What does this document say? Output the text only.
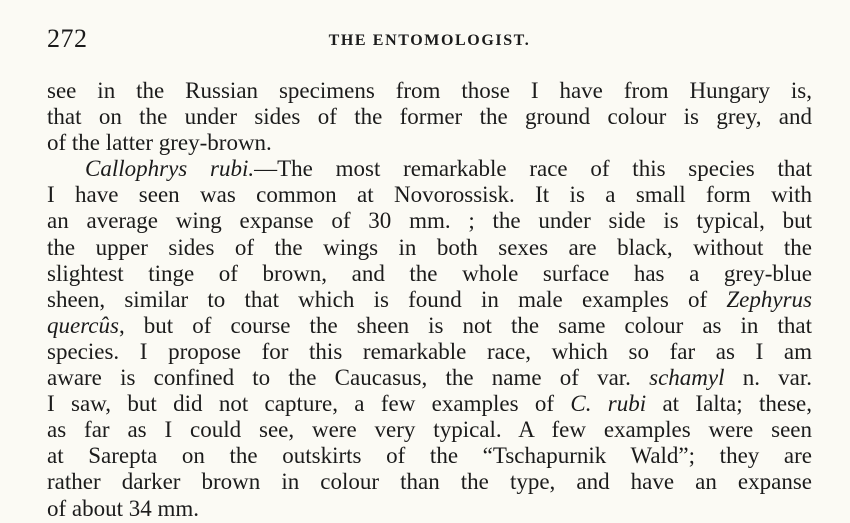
272	THE ENTOMOLOGIST.
see in the Russian specimens from those I have from Hungary is,
that on the under sides of the former the ground colour is grey, and
of the latter grey-brown.
Callophrys rubi.—The most remarkable race of this species that
I have seen was common at Novorossisk. It is a small form with
an average wing expanse of 30 mm. ; the under side is typical, but
the upper sides of the wings in both sexes are black, without the
slightest tinge of brown, and the whole surface has a grey-blue
sheen, similar to that which is found in male examples of Zephyrus
quercûs, but of course the sheen is not the same colour as in that
species. I propose for this remarkable race, which so far as I am
aware is confined to the Caucasus, the name of var. schamyl n. var.
I saw, but did not capture, a few examples of C. rubi at Ialta; these,
as far as I could see, were very typical. A few examples were seen
at Sarepta on the outskirts of the “Tschapurnik Wald”; they are
rather darker brown in colour than the type, and have an expanse
of about 34 mm.
